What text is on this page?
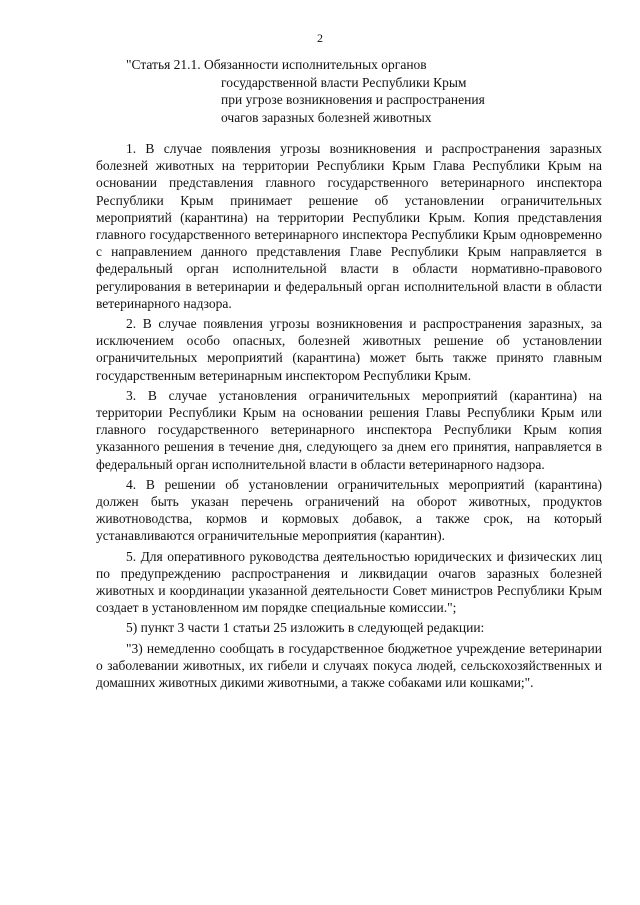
2
"Статья 21.1. Обязанности исполнительных органов
государственной власти Республики Крым
при угрозе возникновения и распространения
очагов заразных болезней животных

1. В случае появления угрозы возникновения и распространения заразных болезней животных на территории Республики Крым Глава Республики Крым на основании представления главного государственного ветеринарного инспектора Республики Крым принимает решение об установлении ограничительных мероприятий (карантина) на территории Республики Крым. Копия представления главного государственного ветеринарного инспектора Республики Крым одновременно с направлением данного представления Главе Республики Крым направляется в федеральный орган исполнительной власти в области нормативно-правового регулирования в ветеринарии и федеральный орган исполнительной власти в области ветеринарного надзора.

2. В случае появления угрозы возникновения и распространения заразных, за исключением особо опасных, болезней животных решение об установлении ограничительных мероприятий (карантина) может быть также принято главным государственным ветеринарным инспектором Республики Крым.

3. В случае установления ограничительных мероприятий (карантина) на территории Республики Крым на основании решения Главы Республики Крым или главного государственного ветеринарного инспектора Республики Крым копия указанного решения в течение дня, следующего за днем его принятия, направляется в федеральный орган исполнительной власти в области ветеринарного надзора.

4. В решении об установлении ограничительных мероприятий (карантина) должен быть указан перечень ограничений на оборот животных, продуктов животноводства, кормов и кормовых добавок, а также срок, на который устанавливаются ограничительные мероприятия (карантин).

5. Для оперативного руководства деятельностью юридических и физических лиц по предупреждению распространения и ликвидации очагов заразных болезней животных и координации указанной деятельности Совет министров Республики Крым создает в установленном им порядке специальные комиссии.";

5) пункт 3 части 1 статьи 25 изложить в следующей редакции:

"3) немедленно сообщать в государственное бюджетное учреждение ветеринарии о заболевании животных, их гибели и случаях покуса людей, сельскохозяйственных и домашних животных дикими животными, а также собаками или кошками;".
